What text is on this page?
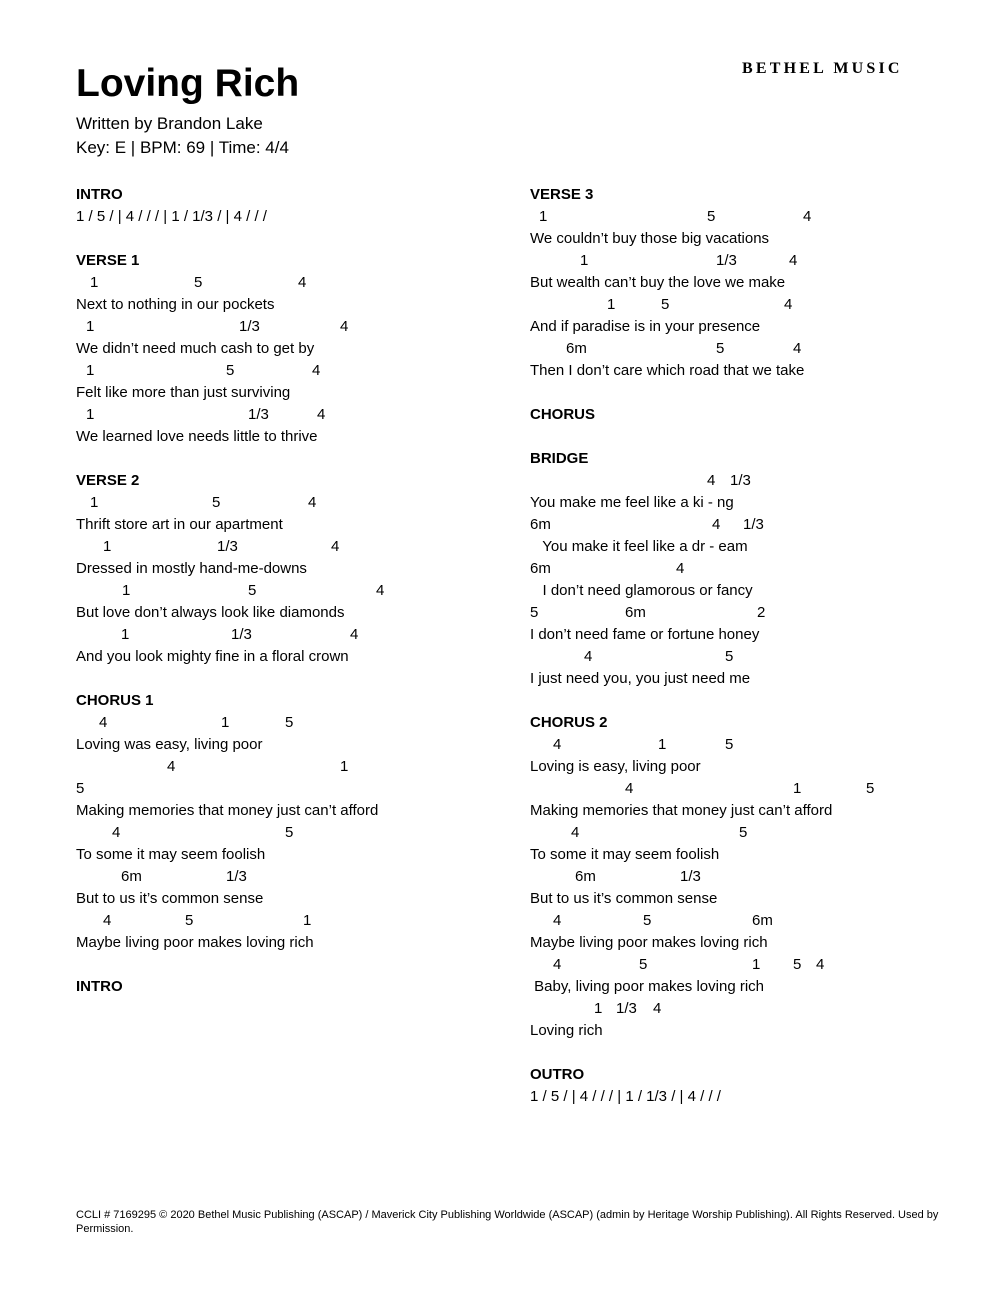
BETHEL MUSIC
Loving Rich
Written by Brandon Lake
Key: E | BPM: 69 | Time: 4/4
INTRO
1 / 5 / | 4 / / / | 1 / 1/3 / | 4 / / /
VERSE 1
1	5	4
Next to nothing in our pockets
1	1/3	4
We didn’t need much cash to get by
1	5	4
Felt like more than just surviving
1	1/3	4
We learned love needs little to thrive
VERSE 2
1	5	4
Thrift store art in our apartment
1	1/3	4
Dressed in mostly hand-me-downs
1	5	4
But love don’t always look like diamonds
1	1/3	4
And you look mighty fine in a floral crown
CHORUS 1
4	1	5
Loving was easy, living poor
4	1
5
Making memories that money just can’t afford
4	5
To some it may seem foolish
6m	1/3
But to us it’s common sense
4	5	1
Maybe living poor makes loving rich
INTRO
VERSE 3
1	5	4
We couldn’t buy those big vacations
1	1/3	4
But wealth can’t buy the love we make
1	5	4
And if paradise is in your presence
6m	5	4
Then I don’t care which road that we take
CHORUS
BRIDGE
4 1/3
You make me feel like a ki - ng
6m	4 1/3
You make it feel like a dr - eam
6m	4
I don’t need glamorous or fancy
5	6m	2
I don’t need fame or fortune honey
4	5
I just need you, you just need me
CHORUS 2
4	1	5
Loving is easy, living poor
4	1	5
Making memories that money just can’t afford
4	5
To some it may seem foolish
6m	1/3
But to us it’s common sense
4	5	6m
Maybe living poor makes loving rich
4	5	1 5 4
Baby, living poor makes loving rich
1 1/3 4
Loving rich
OUTRO
1 / 5 / | 4 / / / | 1 / 1/3 / | 4 / / /
CCLI # 7169295 © 2020 Bethel Music Publishing (ASCAP) / Maverick City Publishing Worldwide (ASCAP) (admin by Heritage Worship Publishing). All Rights Reserved. Used by Permission.
